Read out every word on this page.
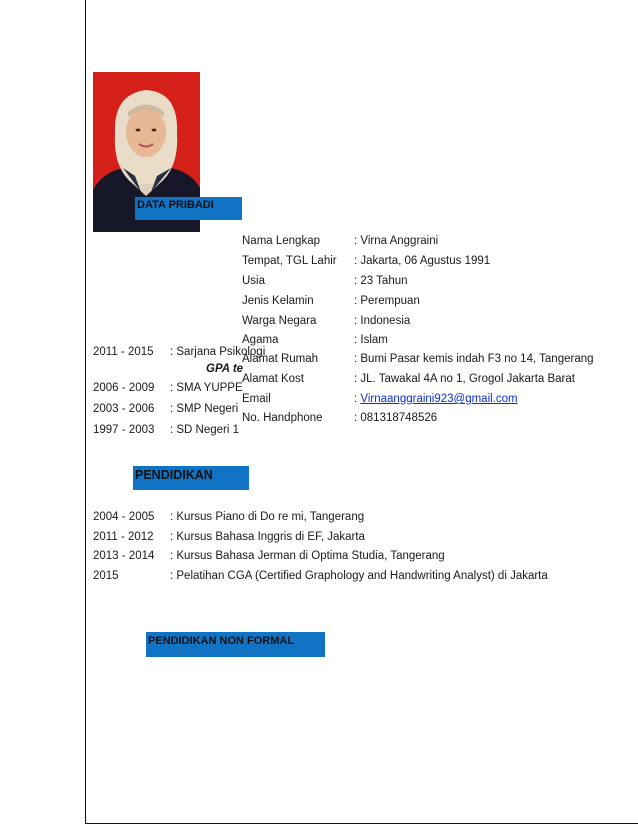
DATA PRIBADI
Nama Lengkap	: Virna Anggraini
Tempat, TGL Lahir : Jakarta, 06 Agustus 1991
Usia	: 23 Tahun
Jenis Kelamin	: Perempuan
Warga Negara	: Indonesia
Agama	: Islam
Alamat Rumah	: Bumi Pasar kemis indah F3 no 14, Tangerang
Alamat Kost	: JL. Tawakal 4A no 1, Grogol Jakarta Barat
Email	: Virnaanggraini923@gmail.com
No. Handphone	: 081318748526
2011 - 2015 : Sarjana Psikologi
GPA te
2006 - 2009 : SMA YUPPE
2003 - 2006 : SMP Negeri
1997 - 2003 : SD Negeri 1
PENDIDIKAN
2004 - 2005 : Kursus Piano di Do re mi, Tangerang
2011 - 2012 : Kursus Bahasa Inggris di EF, Jakarta
2013 - 2014 : Kursus Bahasa Jerman di Optima Studia, Tangerang
2015	: Pelatihan CGA (Certified Graphology and Handwriting Analyst) di Jakarta
PENDIDIKAN NON FORMAL
